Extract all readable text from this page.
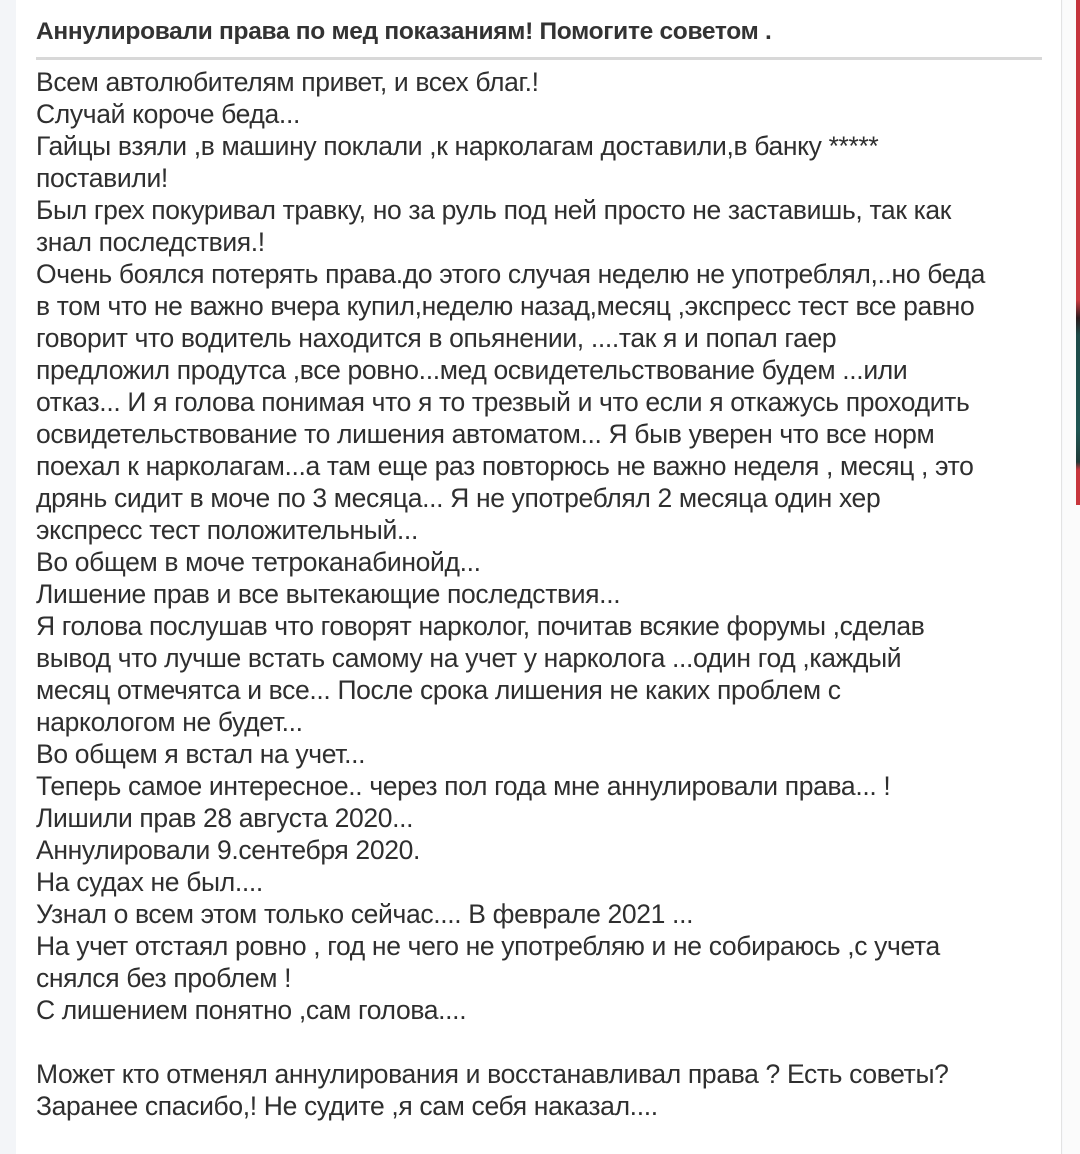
Аннулировали права по мед показаниям! Помогите советом .
Всем автолюбителям привет, и всех благ.!
Случай короче беда...
Гайцы взяли ,в машину поклали ,к нарколагам доставили,в банку *****
поставили!
Был грех покуривал травку, но за руль под ней просто не заставишь, так как
знал последствия.!
Очень боялся потерять права.до этого случая неделю не употреблял,..но беда
в том что не важно вчера купил,неделю назад,месяц ,экспресс тест все равно
говорит что водитель находится в опьянении, ....так я и попал гаер
предложил продутса ,все ровно...мед освидетельствование будем ...или
отказ... И я голова понимая что я то трезвый и что если я откажусь проходить
освидетельствование то лишения автоматом... Я быв уверен что все норм
поехал к нарколагам...а там еще раз повторюсь не важно неделя , месяц , это
дрянь сидит в моче по 3 месяца... Я не употреблял 2 месяца один хер
экспресс тест положительный...
Во общем в моче тетроканабинойд...
Лишение прав и все вытекающие последствия...
Я голова послушав что говорят нарколог, почитав всякие форумы ,сделав
вывод что лучше встать самому на учет у нарколога ...один год ,каждый
месяц отмечятса и все... После срока лишения не каких проблем с
наркологом не будет...
Во общем я встал на учет...
Теперь самое интересное.. через пол года мне аннулировали права... !
Лишили прав 28 августа 2020...
Аннулировали 9.сентебря 2020.
На судах не был....
Узнал о всем этом только сейчас.... В феврале 2021 ...
На учет отстаял ровно , год не чего не употребляю и не собираюсь ,с учета
снялся без проблем !
С лишением понятно ,сам голова....
Может кто отменял аннулирования и восстанавливал права ? Есть советы?
Заранее спасибо,! Не судите ,я сам себя наказал....
